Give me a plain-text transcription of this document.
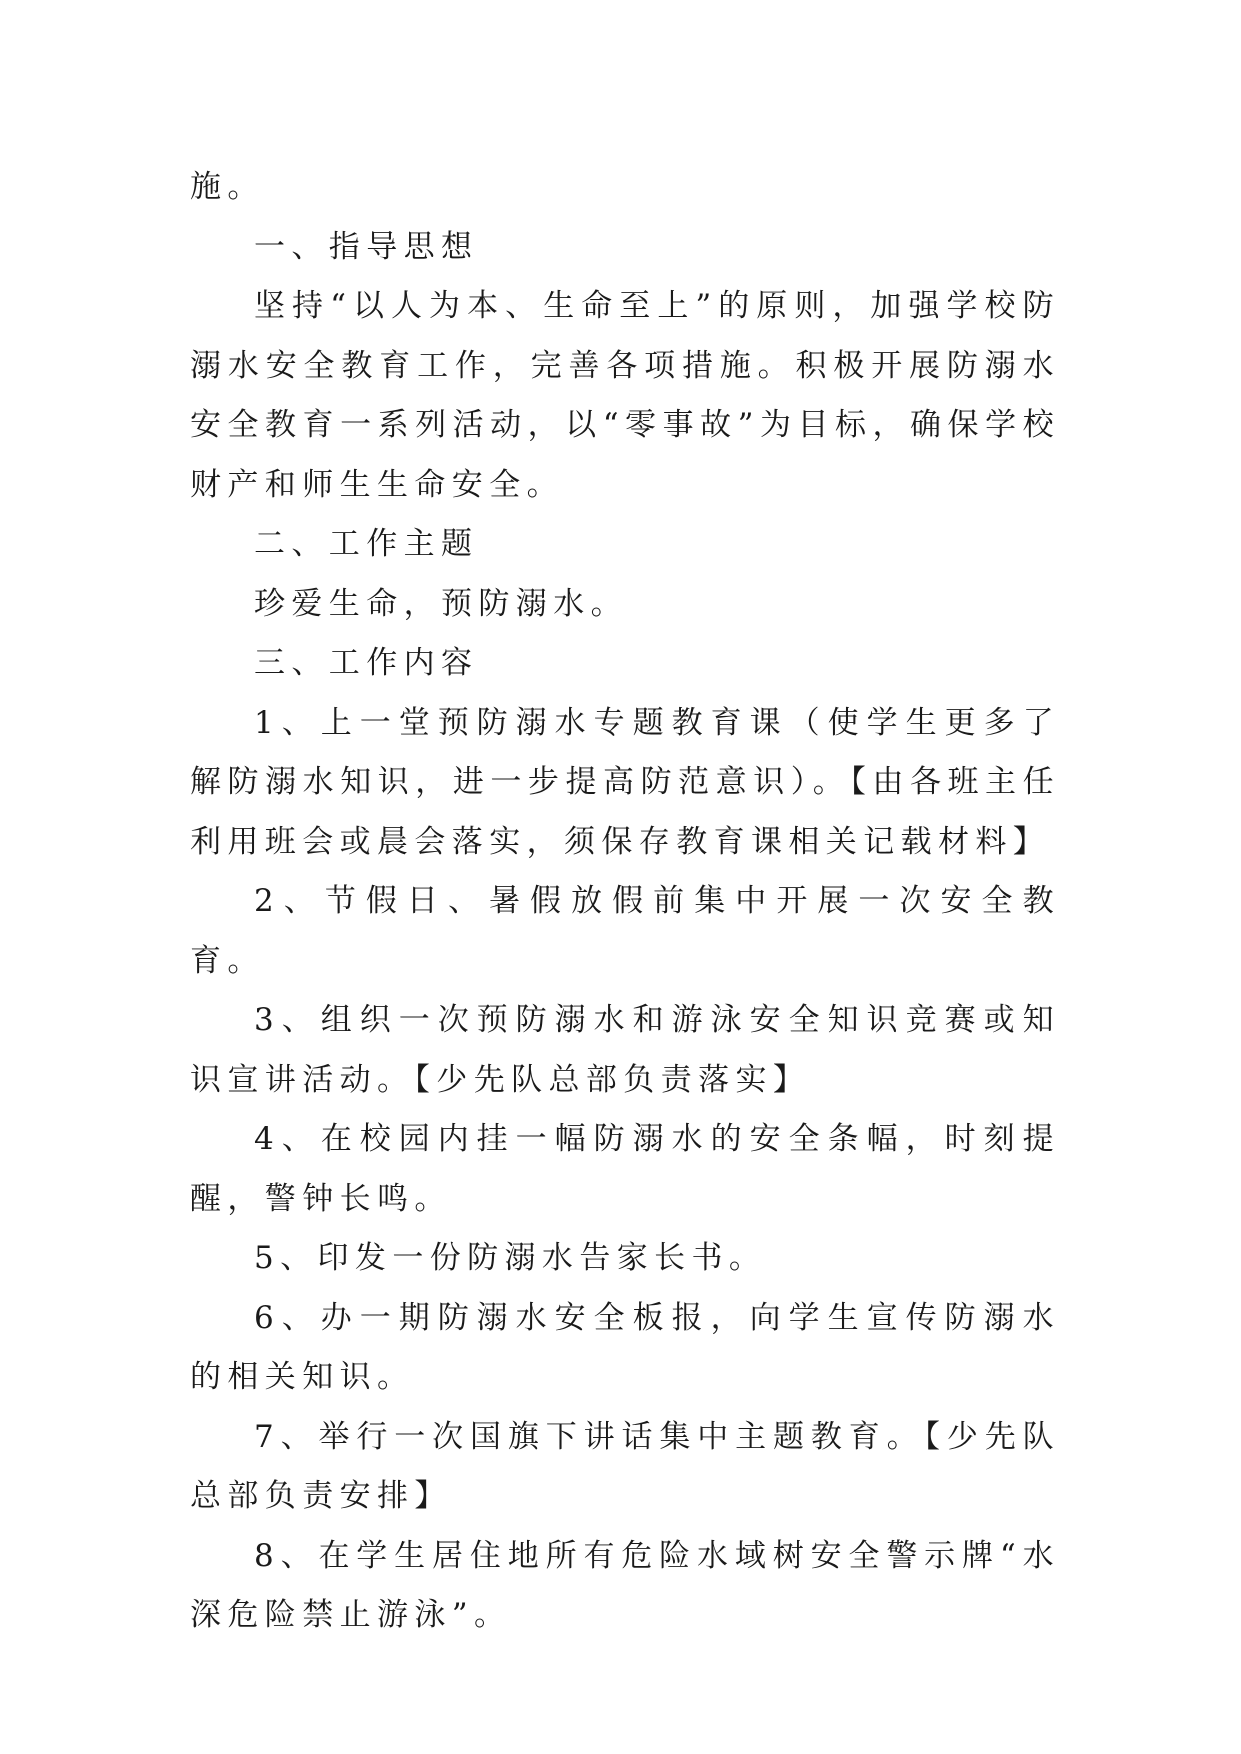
施。

一、指导思想

坚持“以人为本、生命至上”的原则，加强学校防溺水安全教育工作，完善各项措施。积极开展防溺水安全教育一系列活动，以“零事故”为目标，确保学校财产和师生生命安全。

二、工作主题

珍爱生命，预防溺水。

三、工作内容

1、上一堂预防溺水专题教育课（使学生更多了解防溺水知识，进一步提高防范意识）。【由各班主任利用班会或晨会落实，须保存教育课相关记载材料】

2、节假日、暑假放假前集中开展一次安全教育。

3、组织一次预防溺水和游泳安全知识竞赛或知识宣讲活动。【少先队总部负责落实】

4、在校园内挂一幅防溺水的安全条幅，时刻提醒，警钟长鸣。

5、印发一份防溺水告家长书。

6、办一期防溺水安全板报，向学生宣传防溺水的相关知识。

7、举行一次国旗下讲话集中主题教育。【少先队总部负责安排】

8、在学生居住地所有危险水域树安全警示牌“水深危险禁止游泳”。
